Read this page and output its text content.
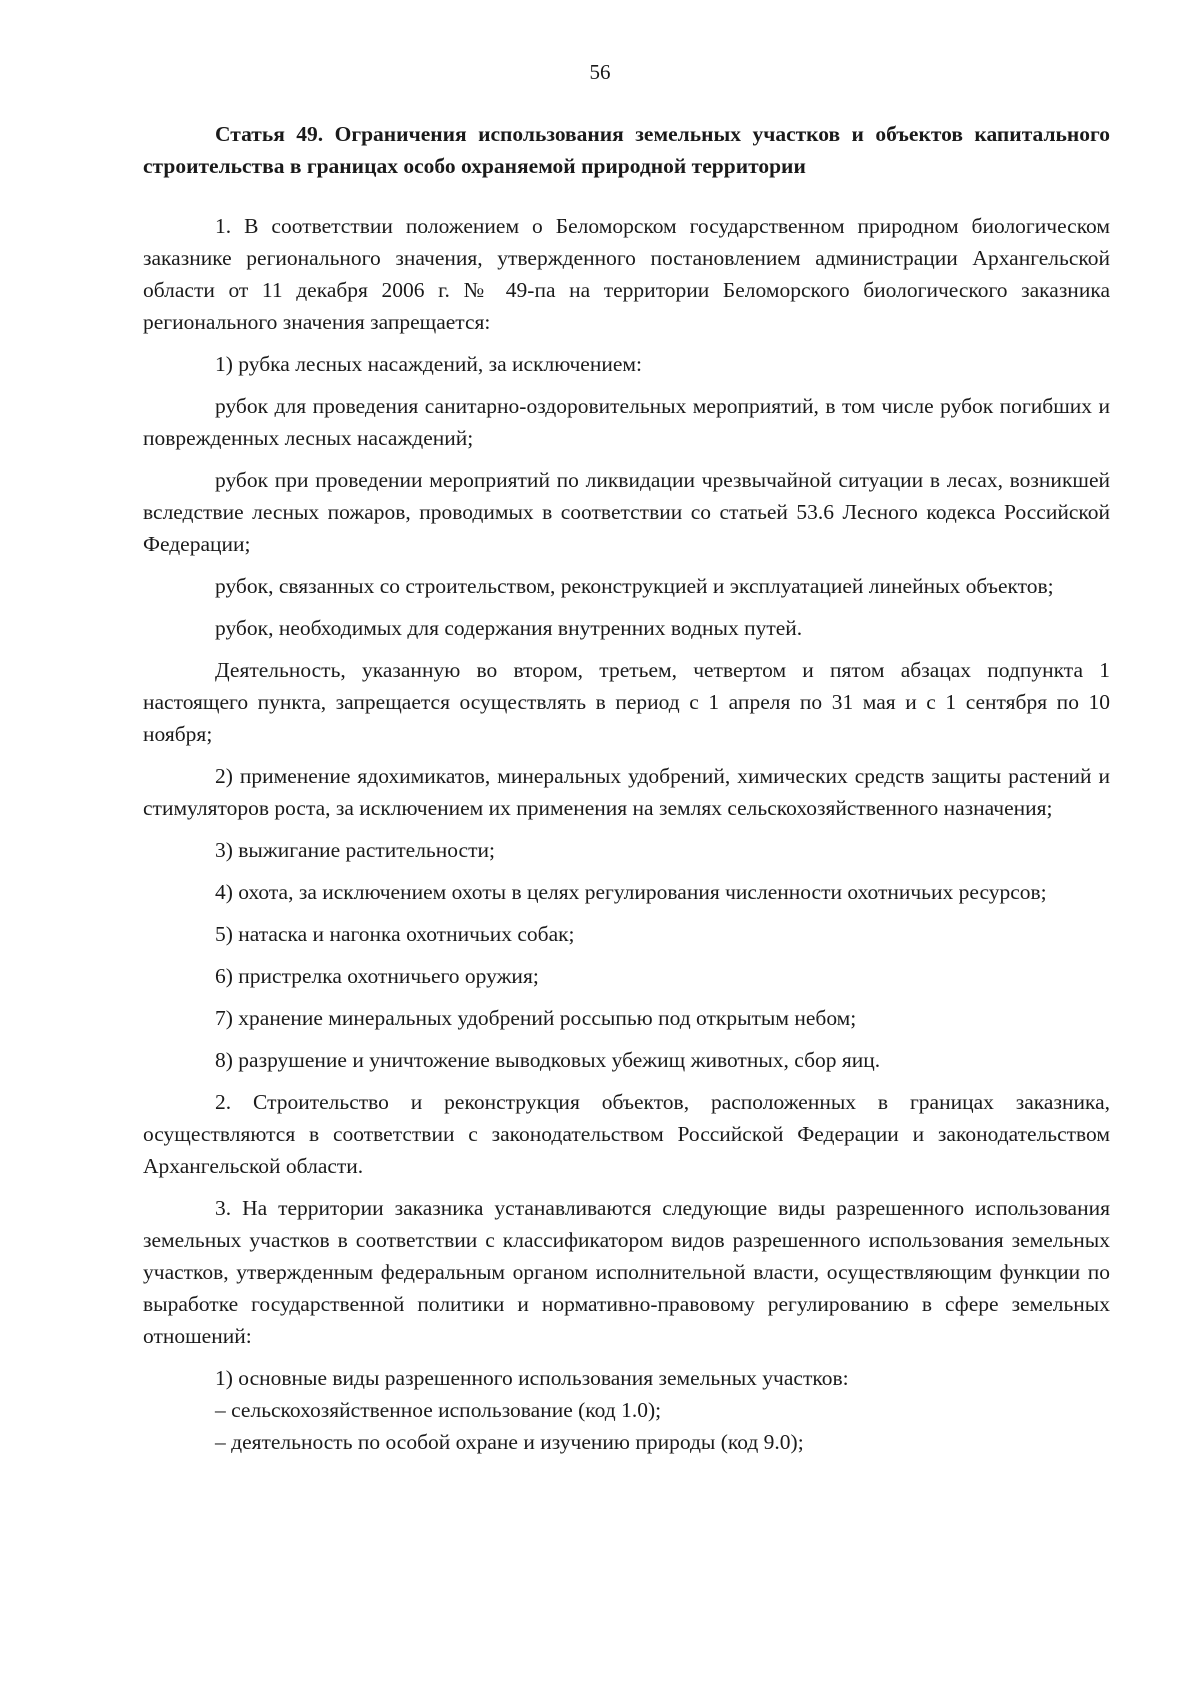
56

Статья 49. Ограничения использования земельных участков и объектов капитального строительства в границах особо охраняемой природной территории

1. В соответствии положением о Беломорском государственном природном биологическом заказнике регионального значения, утвержденного постановлением администрации Архангельской области от 11 декабря 2006 г. № 49-па на территории Беломорского биологического заказника регионального значения запрещается:

1) рубка лесных насаждений, за исключением:

рубок для проведения санитарно-оздоровительных мероприятий, в том числе рубок погибших и поврежденных лесных насаждений;

рубок при проведении мероприятий по ликвидации чрезвычайной ситуации в лесах, возникшей вследствие лесных пожаров, проводимых в соответствии со статьей 53.6 Лесного кодекса Российской Федерации;

рубок, связанных со строительством, реконструкцией и эксплуатацией линейных объектов;

рубок, необходимых для содержания внутренних водных путей.

Деятельность, указанную во втором, третьем, четвертом и пятом абзацах подпункта 1 настоящего пункта, запрещается осуществлять в период с 1 апреля по 31 мая и с 1 сентября по 10 ноября;

2) применение ядохимикатов, минеральных удобрений, химических средств защиты растений и стимуляторов роста, за исключением их применения на землях сельскохозяйственного назначения;

3) выжигание растительности;

4) охота, за исключением охоты в целях регулирования численности охотничьих ресурсов;

5) натаска и нагонка охотничьих собак;

6) пристрелка охотничьего оружия;

7) хранение минеральных удобрений россыпью под открытым небом;

8) разрушение и уничтожение выводковых убежищ животных, сбор яиц.

2. Строительство и реконструкция объектов, расположенных в границах заказника, осуществляются в соответствии с законодательством Российской Федерации и законодательством Архангельской области.

3. На территории заказника устанавливаются следующие виды разрешенного использования земельных участков в соответствии с классификатором видов разрешенного использования земельных участков, утвержденным федеральным органом исполнительной власти, осуществляющим функции по выработке государственной политики и нормативно-правовому регулированию в сфере земельных отношений:

1) основные виды разрешенного использования земельных участков:

– сельскохозяйственное использование (код 1.0);

– деятельность по особой охране и изучению природы (код 9.0);
